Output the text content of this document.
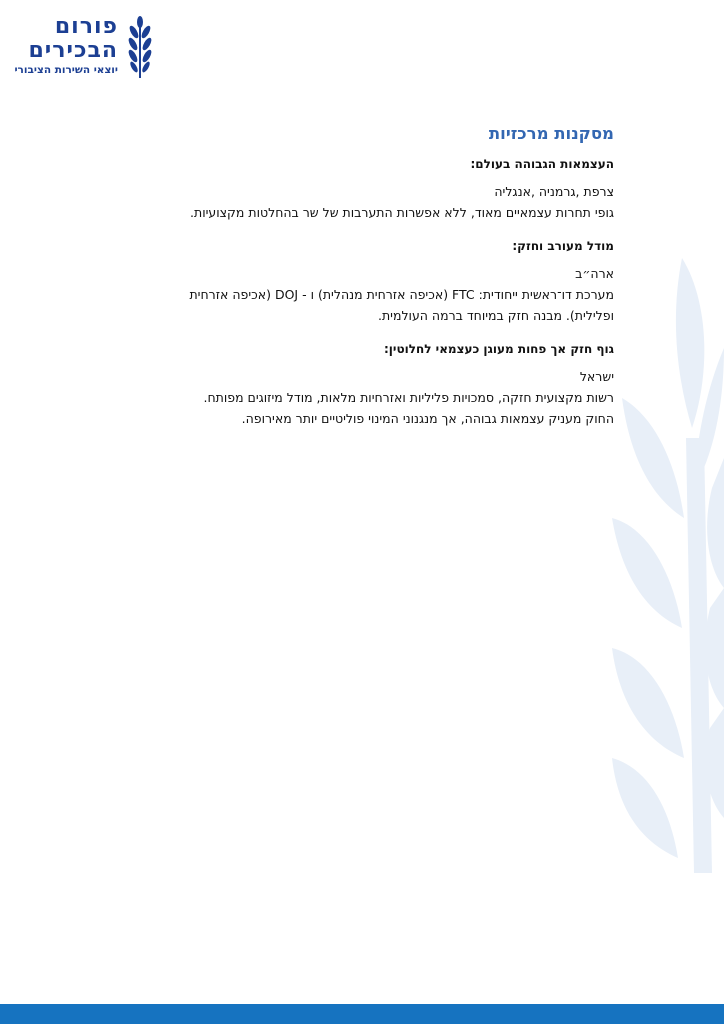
פורום
הבכירים
יוצאי השירות הציבורי
מסקנות מרכזיות
העצמאות הגבוהה בעולם:
צרפת ,גרמניה ,אנגליה
גופי תחרות עצמאיים מאוד, ללא אפשרות התערבות של שר בהחלטות מקצועיות.
מודל מעורב וחזק:
ארה״ב
מערכת דו־ראשית ייחודית: FTC (אכיפה אזרחית מנהלית) ו - DOJ (אכיפה אזרחית
ופלילית). מבנה חזק במיוחד ברמה העולמית.
גוף חזק אך פחות מעוגן כעצמאי לחלוטין:
ישראל
רשות מקצועית חזקה, סמכויות פליליות ואזרחיות מלאות, מודל מיזוגים מפותח.
החוק מעניק עצמאות גבוהה, אך מנגנוני המינוי פוליטיים יותר מאירופה.
